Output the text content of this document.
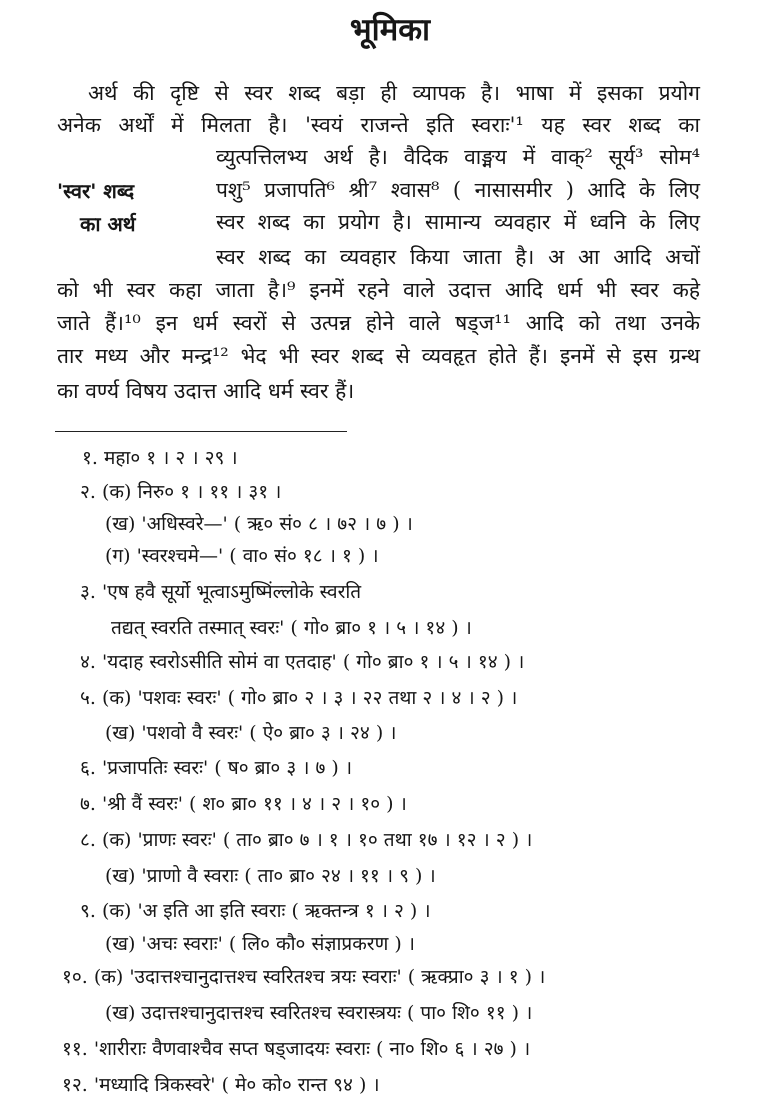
भूमिका
अर्थ की दृष्टि से स्वर शब्द बड़ा ही व्यापक है। भाषा में इसका प्रयोग
अनेक अर्थों में मिलता है। 'स्वयं राजन्ते इति स्वराः'¹ यह स्वर शब्द का
व्युत्पत्तिलभ्य अर्थ है। वैदिक वाङ्मय में वाक्² सूर्य³ सोम⁴
पशु⁵ प्रजापति⁶ श्री⁷ श्वास⁸ ( नासासमीर ) आदि के लिए
स्वर शब्द का प्रयोग है। सामान्य व्यवहार में ध्वनि के लिए
स्वर शब्द का व्यवहार किया जाता है। अ आ आदि अचों
को भी स्वर कहा जाता है।⁹ इनमें रहने वाले उदात्त आदि धर्म भी स्वर कहे
जाते हैं।¹⁰ इन धर्म स्वरों से उत्पन्न होने वाले षड्ज¹¹ आदि को तथा उनके
तार मध्य और मन्द्र¹² भेद भी स्वर शब्द से व्यवहृत होते हैं। इनमें से इस ग्रन्थ
का वर्ण्य विषय उदात्त आदि धर्म स्वर हैं।
'स्वर' शब्द
का अर्थ
१. महा० १ । २ । २९ ।
२. (क) निरु० १ । ११ । ३१ ।
(ख) 'अधिस्वरे—' ( ऋ० सं० ८ । ७२ । ७ ) ।
(ग) 'स्वरश्चमे—' ( वा० सं० १८ । १ ) ।
३. 'एष हवै सूर्यो भूत्वाऽमुष्मिंल्लोके स्वरति
तद्यत् स्वरति तस्मात् स्वरः' ( गो० ब्रा० १ । ५ । १४ ) ।
४. 'यदाह स्वरोऽसीति सोमं वा एतदाह' ( गो० ब्रा० १ । ५ । १४ ) ।
५. (क) 'पशवः स्वरः' ( गो० ब्रा० २ । ३ । २२ तथा २ । ४ । २ ) ।
(ख) 'पशवो वै स्वरः' ( ऐ० ब्रा० ३ । २४ ) ।
६. 'प्रजापतिः स्वरः' ( ष० ब्रा० ३ । ७ ) ।
७. 'श्री वैं स्वरः' ( श० ब्रा० ११ । ४ । २ । १० ) ।
८. (क) 'प्राणः स्वरः' ( ता० ब्रा० ७ । १ । १० तथा १७ । १२ । २ ) ।
(ख) 'प्राणो वै स्वराः ( ता० ब्रा० २४ । ११ । ९ ) ।
९. (क) 'अ इति आ इति स्वराः ( ऋक्तन्त्र १ । २ ) ।
(ख) 'अचः स्वराः' ( लि० कौ० संज्ञाप्रकरण ) ।
१०. (क) 'उदात्तश्चानुदात्तश्च स्वरितश्च त्रयः स्वराः' ( ऋक्प्रा० ३ । १ ) ।
(ख) उदात्तश्चानुदात्तश्च स्वरितश्च स्वरास्त्रयः ( पा० शि० ११ ) ।
११. 'शारीराः वैणवाश्चैव सप्त षड्जादयः स्वराः ( ना० शि० ६ । २७ ) ।
१२. 'मध्यादि त्रिकस्वरे' ( मे० को० रान्त ९४ ) ।
